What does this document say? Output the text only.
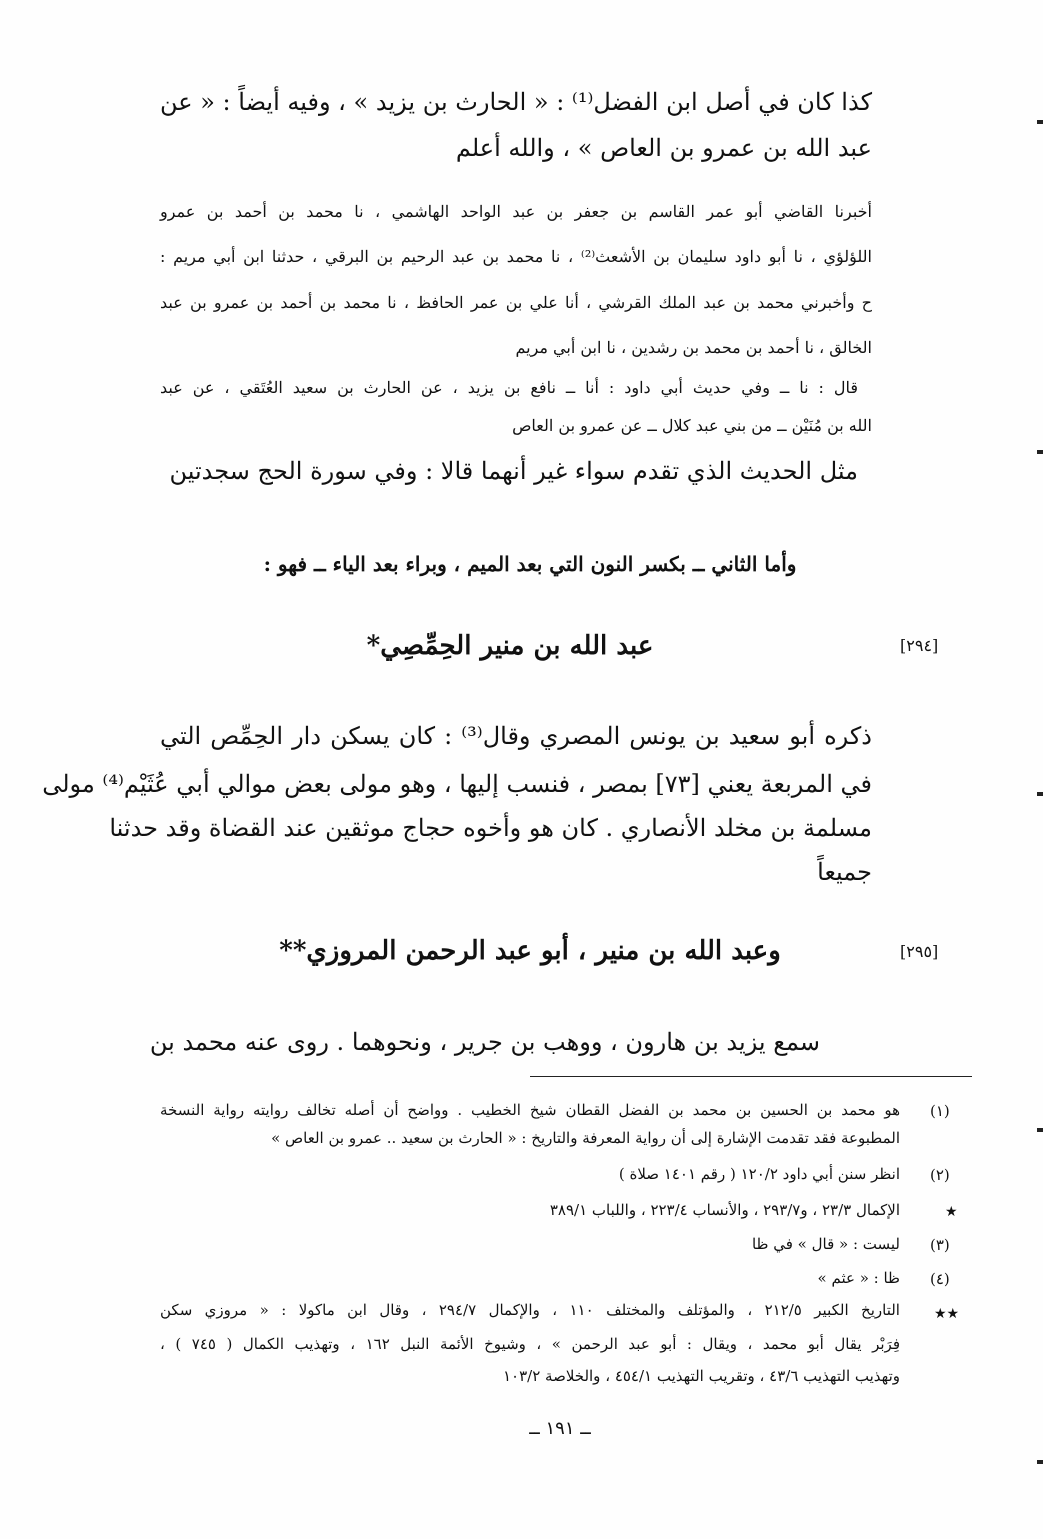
كذا كان في أصل ابن الفضل⁽¹⁾ : « الحارث بن يزيد » ، وفيه أيضاً : « عن
عبد الله بن عمرو بن العاص » ، والله أعلم
أخبرنا القاضي أبو عمر القاسم بن جعفر بن عبد الواحد الهاشمي ، نا محمد بن أحمد بن عمرو
اللؤلؤي ، نا أبو داود سليمان بن الأشعث⁽²⁾ ، نا محمد بن عبد الرحيم بن البرقي ، حدثنا ابن أبي مريم :
ح وأخبرني محمد بن عبد الملك القرشي ، أنا علي بن عمر الحافظ ، نا محمد بن أحمد بن عمرو بن عبد
الخالق ، نا أحمد بن محمد بن رشدين ، نا ابن أبي مريم
قال : نا ــ وفي حديث أبي داود : أنا ــ نافع بن يزيد ، عن الحارث بن سعيد العُتَقي ، عن عبد
الله بن مُنَيْن ــ من بني عبد كلال ــ عن عمرو بن العاص
مثل الحديث الذي تقدم سواء غير أنهما قالا : وفي سورة الحج سجدتين
وأما الثاني ــ بكسر النون التي بعد الميم ، وبراء بعد الياء ــ فهو :
[٢٩٤]
عبد الله بن منير الحِمِّصِي*
ذكره أبو سعيد بن يونس المصري وقال⁽³⁾ : كان يسكن دار الحِمِّص التي
في المربعة يعني [٧٣] بمصر ، فنسب إليها ، وهو مولى بعض موالي أبي عُثَيْم⁽⁴⁾ مولى
مسلمة بن مخلد الأنصاري . كان هو وأخوه حجاج موثقين عند القضاة وقد حدثنا
جميعاً
[٢٩٥]
وعبد الله بن منير ، أبو عبد الرحمن المروزي**
سمع يزيد بن هارون ، ووهب بن جرير ، ونحوهما . روى عنه محمد بن
(١)
هو محمد بن الحسين بن محمد بن الفضل القطان شيخ الخطيب . وواضح أن أصله تخالف روايته رواية النسخة
المطبوعة فقد تقدمت الإشارة إلى أن رواية المعرفة والتاريخ : « الحارث بن سعيد .. عمرو بن العاص »
(٢)
انظر سنن أبي داود ١٢٠/٢ ( رقم ١٤٠١ صلاة )
★
الإكمال ٢٣/٣ ، و٢٩٣/٧ ، والأنساب ٢٢٣/٤ ، واللباب ٣٨٩/١
(٣)
ليست : « قال » في ظا
(٤)
ظا : « عثم »
★★
التاريخ الكبير ٢١٢/٥ ، والمؤتلف والمختلف ١١٠ ، والإكمال ٢٩٤/٧ ، وقال ابن ماكولا : « مروزي سكن
فِرَبْر يقال أبو محمد ، ويقال : أبو عبد الرحمن » ، وشيوخ الأئمة النبل ١٦٢ ، وتهذيب الكمال ( ٧٤٥ ) ،
وتهذيب التهذيب ٤٣/٦ ، وتقريب التهذيب ٤٥٤/١ ، والخلاصة ١٠٣/٢
ــ ١٩١ ــ
